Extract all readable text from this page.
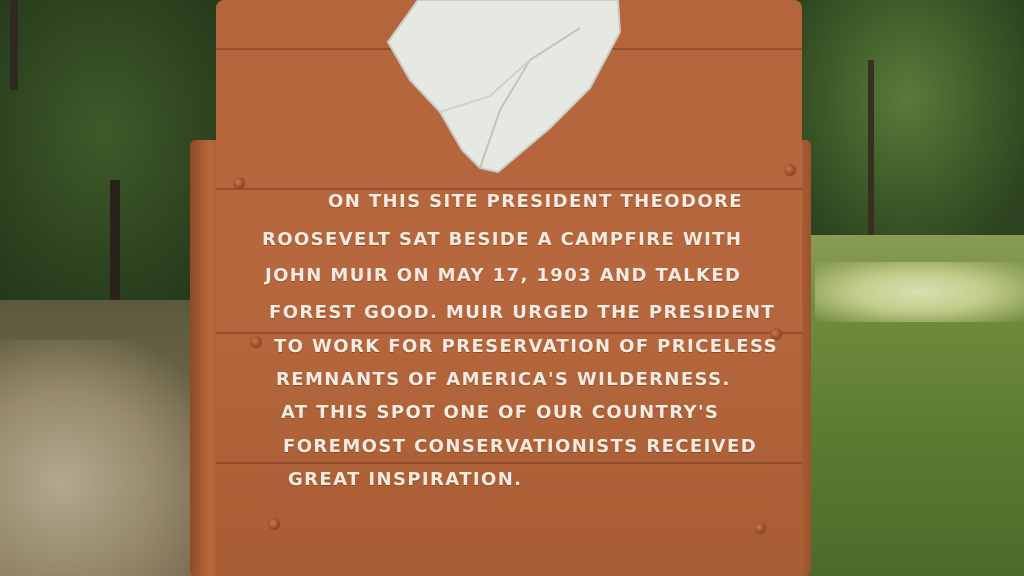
ON THIS SITE PRESIDENT THEODORE
ROOSEVELT SAT BESIDE A CAMPFIRE WITH
JOHN MUIR ON MAY 17, 1903 AND TALKED
FOREST GOOD. MUIR URGED THE PRESIDENT
TO WORK FOR PRESERVATION OF PRICELESS
REMNANTS OF AMERICA'S WILDERNESS.
AT THIS SPOT ONE OF OUR COUNTRY'S
FOREMOST CONSERVATIONISTS RECEIVED
GREAT INSPIRATION.
